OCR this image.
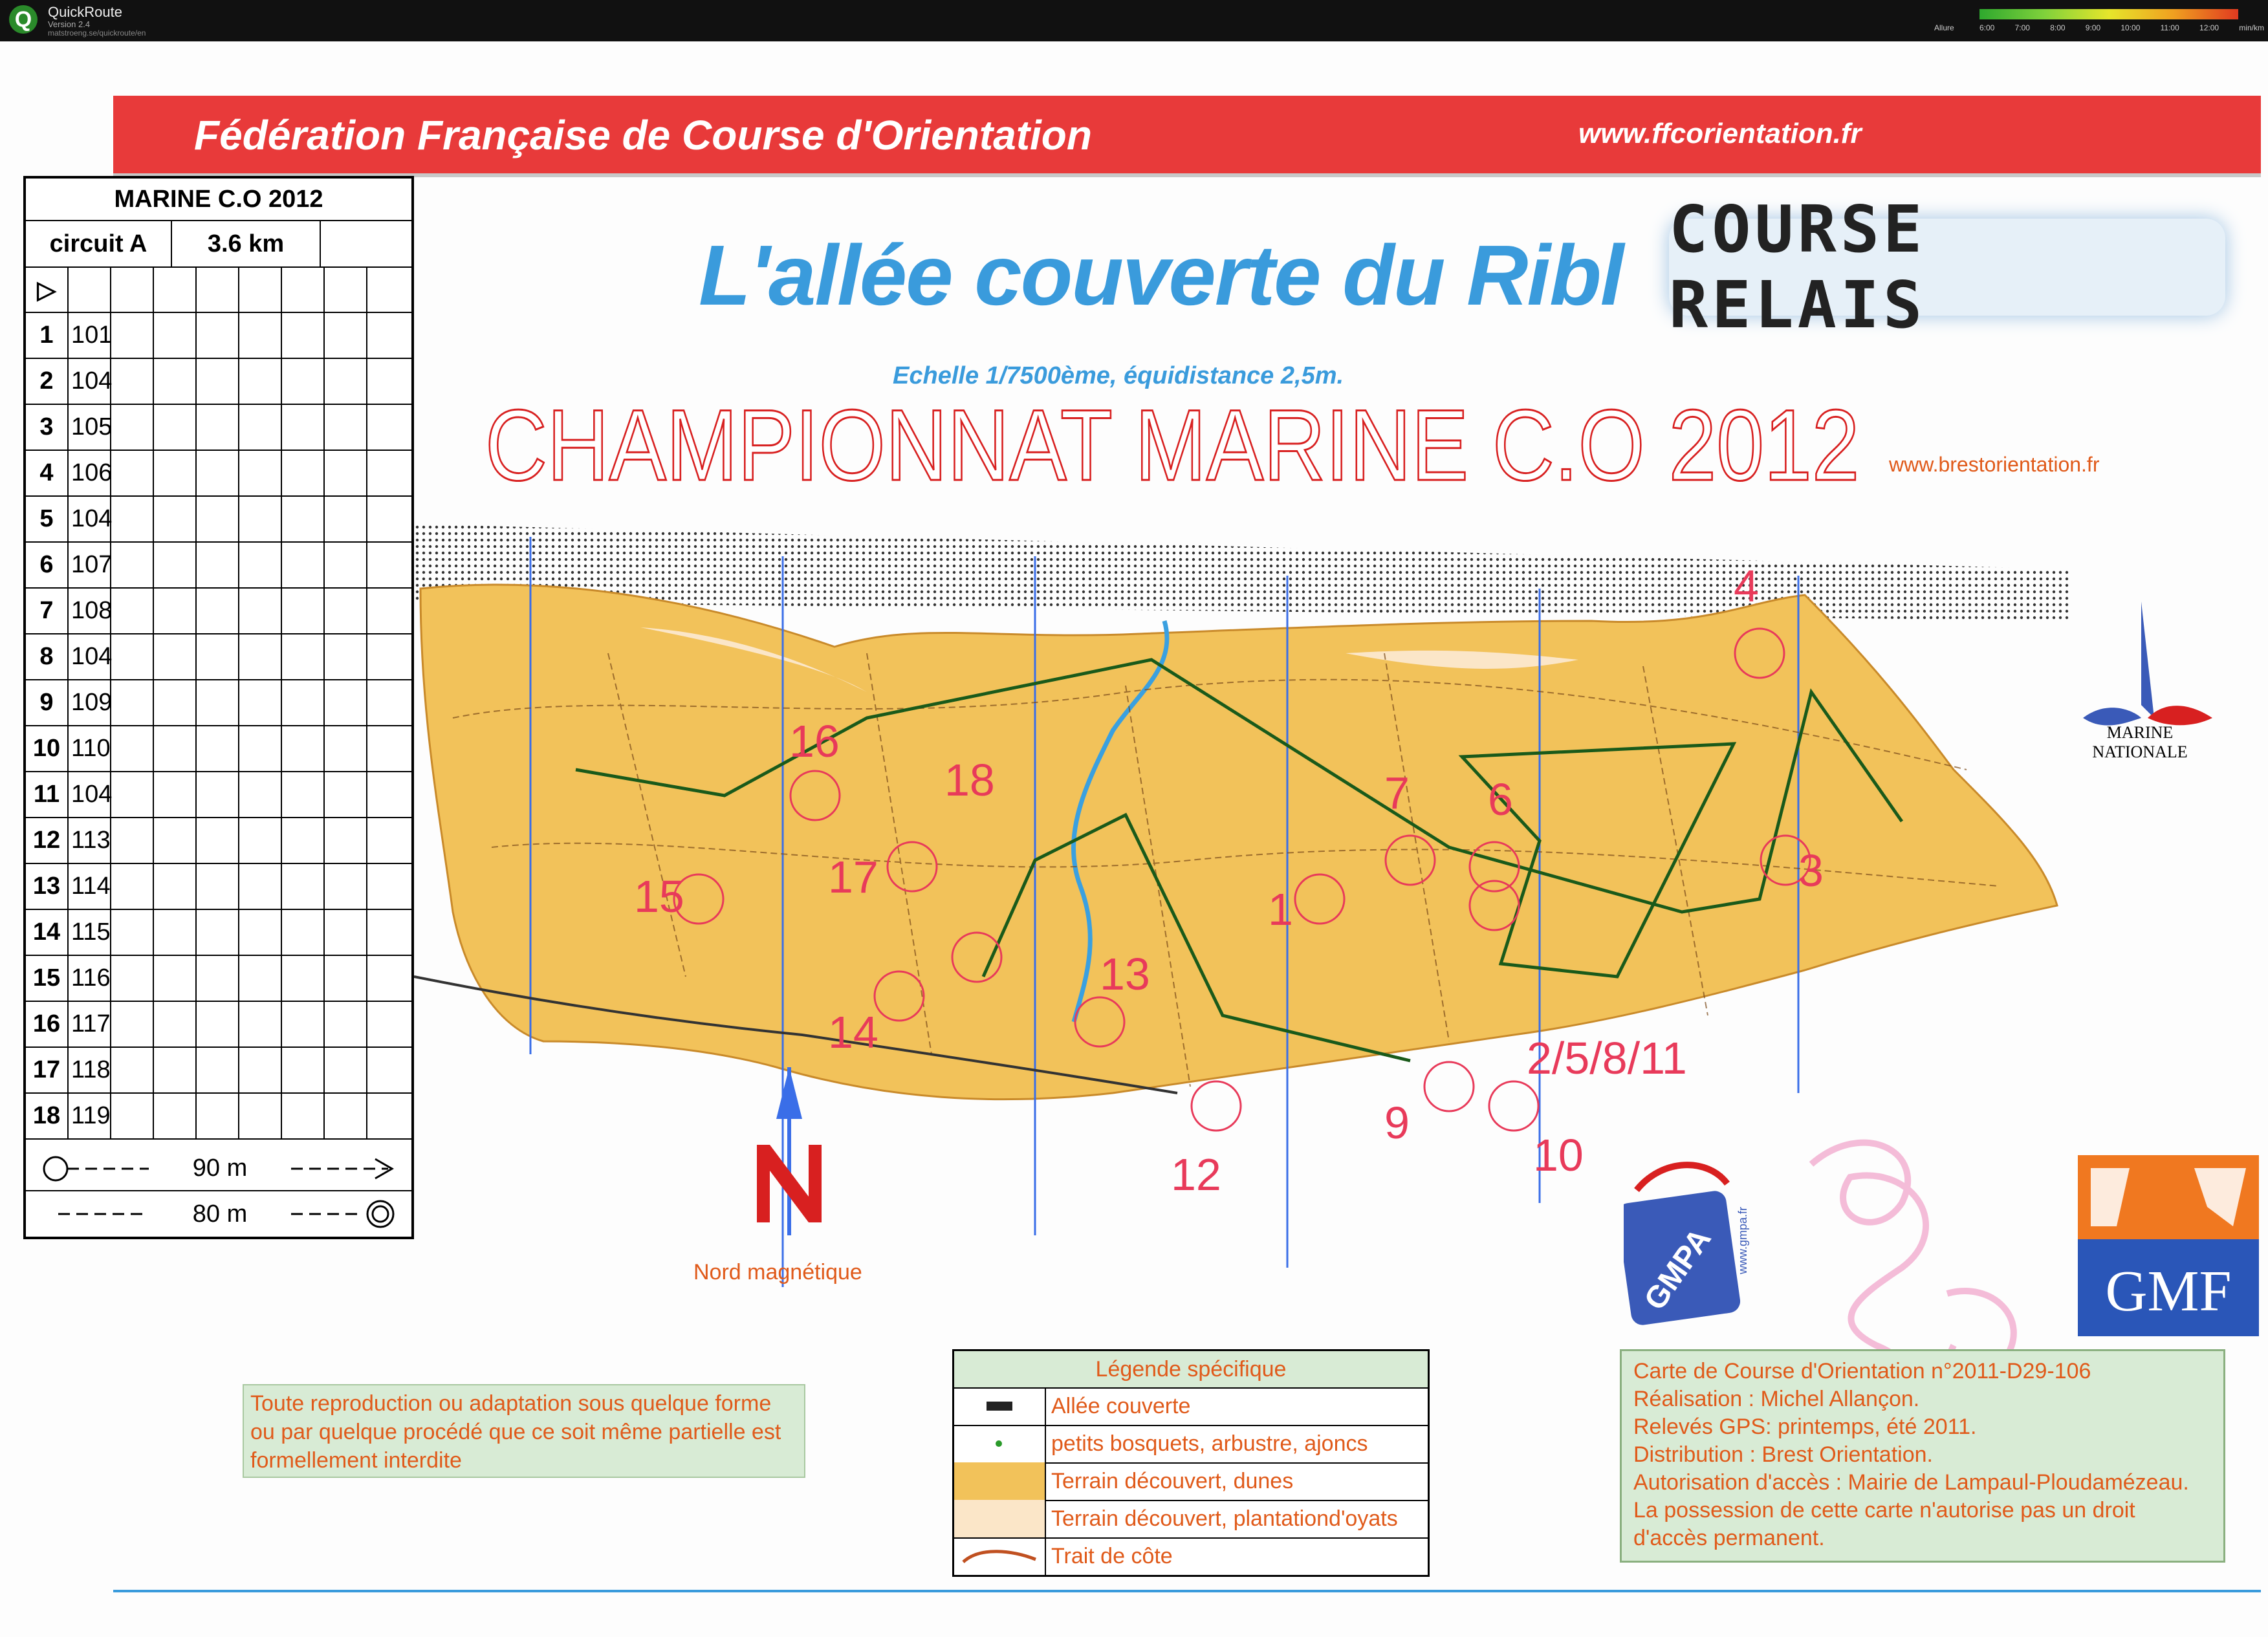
Q	QuickRoute
Version 2.4
matstroeng.se/quickroute/en
Allure	6:00	7:00	8:00	9:00	10:00	11:00	12:00	min/km
Fédération Française de Course d'Orientation	www.ffcorientation.fr
L'allée couverte du Ribl COURSE RELAIS
Echelle 1/7500ème, équidistance 2,5m.
CHAMPIONNAT MARINE C.O 2012 www.brestorientation.fr
MARINE C.O 2012
circuit A	3.6 km
▷
1 101
2 104
3 105
4 106
5 104
6 107
7 108
8 104
9 109
10 110
11 104
12 113
13 114
14 115
15 116
16 117
17 118
18 119
90 m
80 m
1
2/5/8/11
3
4
6
7
9
10
12
13
14
15
16
17
18
MARINE
NATIONALE
Nord magnétique	GMPA www.gmpa.fr
GMF
Toute reproduction ou adaptation sous quelque forme ou par quelque procédé que ce soit même partielle est formellement interdite
Légende spécifique
Allée couverte
petits bosquets, arbustre, ajoncs
Terrain découvert, dunes
Terrain découvert, plantationd'oyats
Trait de côte
Carte de Course d'Orientation n°2011-D29-106
Réalisation : Michel Allançon.
Relevés GPS: printemps, été 2011.
Distribution : Brest Orientation.
Autorisation d'accès : Mairie de Lampaul-Ploudamézeau.
La possession de cette carte n'autorise pas un droit d'accès permanent.
